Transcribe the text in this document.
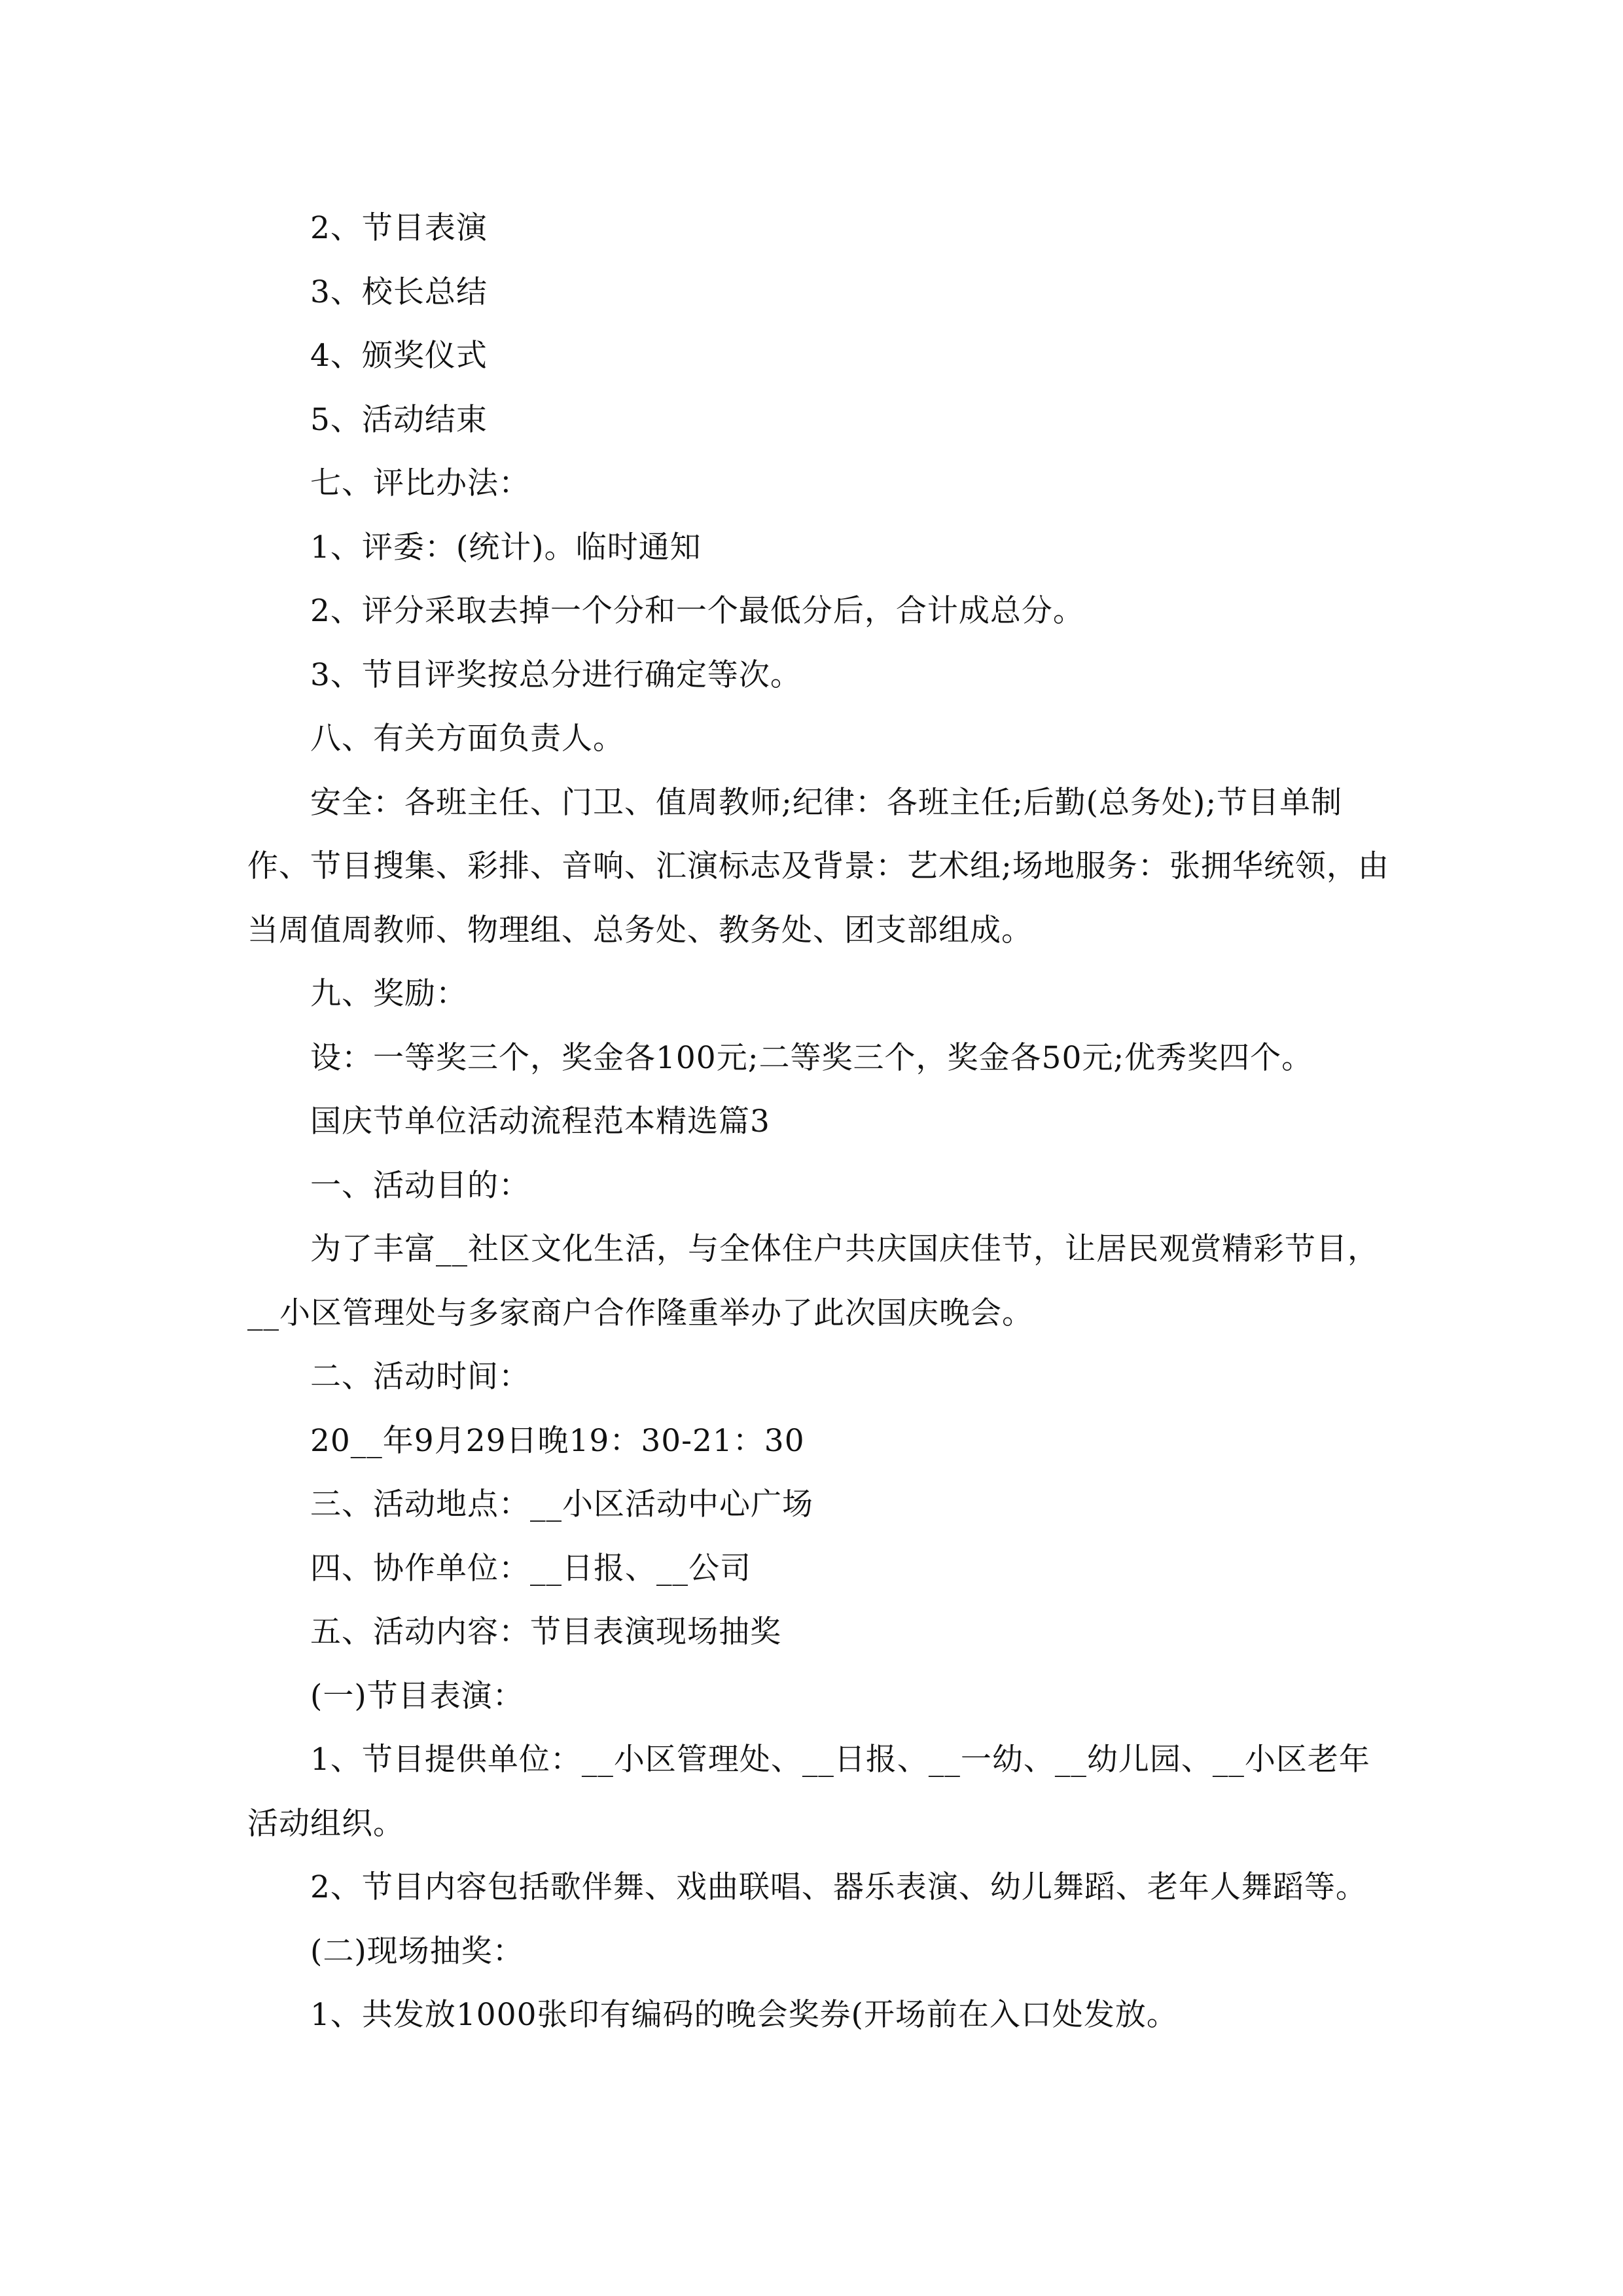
2、节目表演

3、校长总结

4、颁奖仪式

5、活动结束

七、评比办法：

1、评委：(统计)。临时通知

2、评分采取去掉一个分和一个最低分后，合计成总分。

3、节目评奖按总分进行确定等次。

八、有关方面负责人。

安全：各班主任、门卫、值周教师;纪律：各班主任;后勤(总务处);节目单制作、节目搜集、彩排、音响、汇演标志及背景：艺术组;场地服务：张拥华统领，由当周值周教师、物理组、总务处、教务处、团支部组成。

九、奖励：

设：一等奖三个，奖金各100元;二等奖三个，奖金各50元;优秀奖四个。

国庆节单位活动流程范本精选篇3

一、活动目的：

为了丰富__社区文化生活，与全体住户共庆国庆佳节，让居民观赏精彩节目，__小区管理处与多家商户合作隆重举办了此次国庆晚会。

二、活动时间：

20__年9月29日晚19：30-21：30

三、活动地点：__小区活动中心广场

四、协作单位：__日报、__公司

五、活动内容：节目表演现场抽奖

(一)节目表演：

1、节目提供单位：__小区管理处、__日报、__一幼、__幼儿园、__小区老年活动组织。

2、节目内容包括歌伴舞、戏曲联唱、器乐表演、幼儿舞蹈、老年人舞蹈等。

(二)现场抽奖：

1、共发放1000张印有编码的晚会奖券(开场前在入口处发放。
